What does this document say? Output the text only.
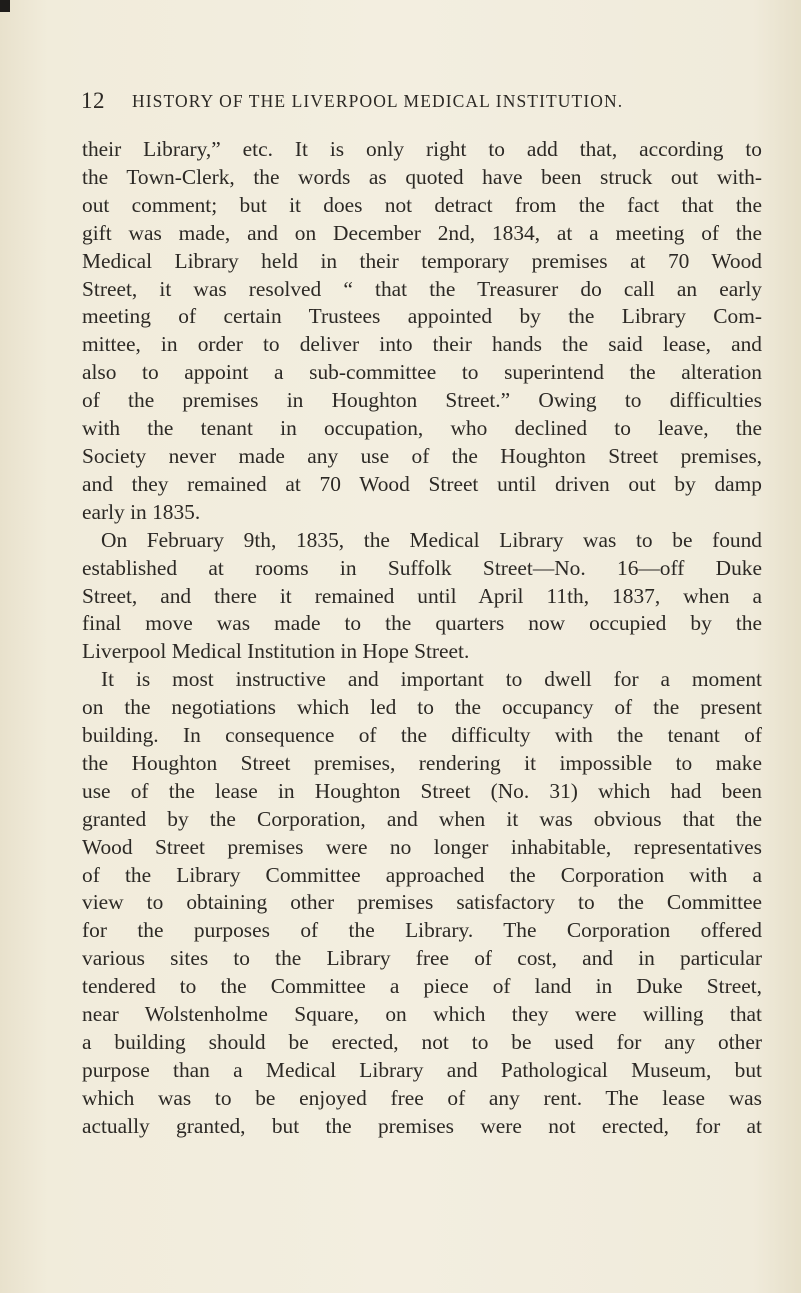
12 HISTORY OF THE LIVERPOOL MEDICAL INSTITUTION.
their Library,” etc. It is only right to add that, according to
the Town-Clerk, the words as quoted have been struck out with-
out comment; but it does not detract from the fact that the
gift was made, and on December 2nd, 1834, at a meeting of the
Medical Library held in their temporary premises at 70 Wood
Street, it was resolved “ that the Treasurer do call an early
meeting of certain Trustees appointed by the Library Com-
mittee, in order to deliver into their hands the said lease, and
also to appoint a sub-committee to superintend the alteration
of the premises in Houghton Street.” Owing to difficulties
with the tenant in occupation, who declined to leave, the
Society never made any use of the Houghton Street premises,
and they remained at 70 Wood Street until driven out by damp
early in 1835.
On February 9th, 1835, the Medical Library was to be found
established at rooms in Suffolk Street—No. 16—off Duke
Street, and there it remained until April 11th, 1837, when a
final move was made to the quarters now occupied by the
Liverpool Medical Institution in Hope Street.
It is most instructive and important to dwell for a moment
on the negotiations which led to the occupancy of the present
building. In consequence of the difficulty with the tenant of
the Houghton Street premises, rendering it impossible to make
use of the lease in Houghton Street (No. 31) which had been
granted by the Corporation, and when it was obvious that the
Wood Street premises were no longer inhabitable, representatives
of the Library Committee approached the Corporation with a
view to obtaining other premises satisfactory to the Committee
for the purposes of the Library. The Corporation offered
various sites to the Library free of cost, and in particular
tendered to the Committee a piece of land in Duke Street,
near Wolstenholme Square, on which they were willing that
a building should be erected, not to be used for any other
purpose than a Medical Library and Pathological Museum, but
which was to be enjoyed free of any rent. The lease was
actually granted, but the premises were not erected, for at
